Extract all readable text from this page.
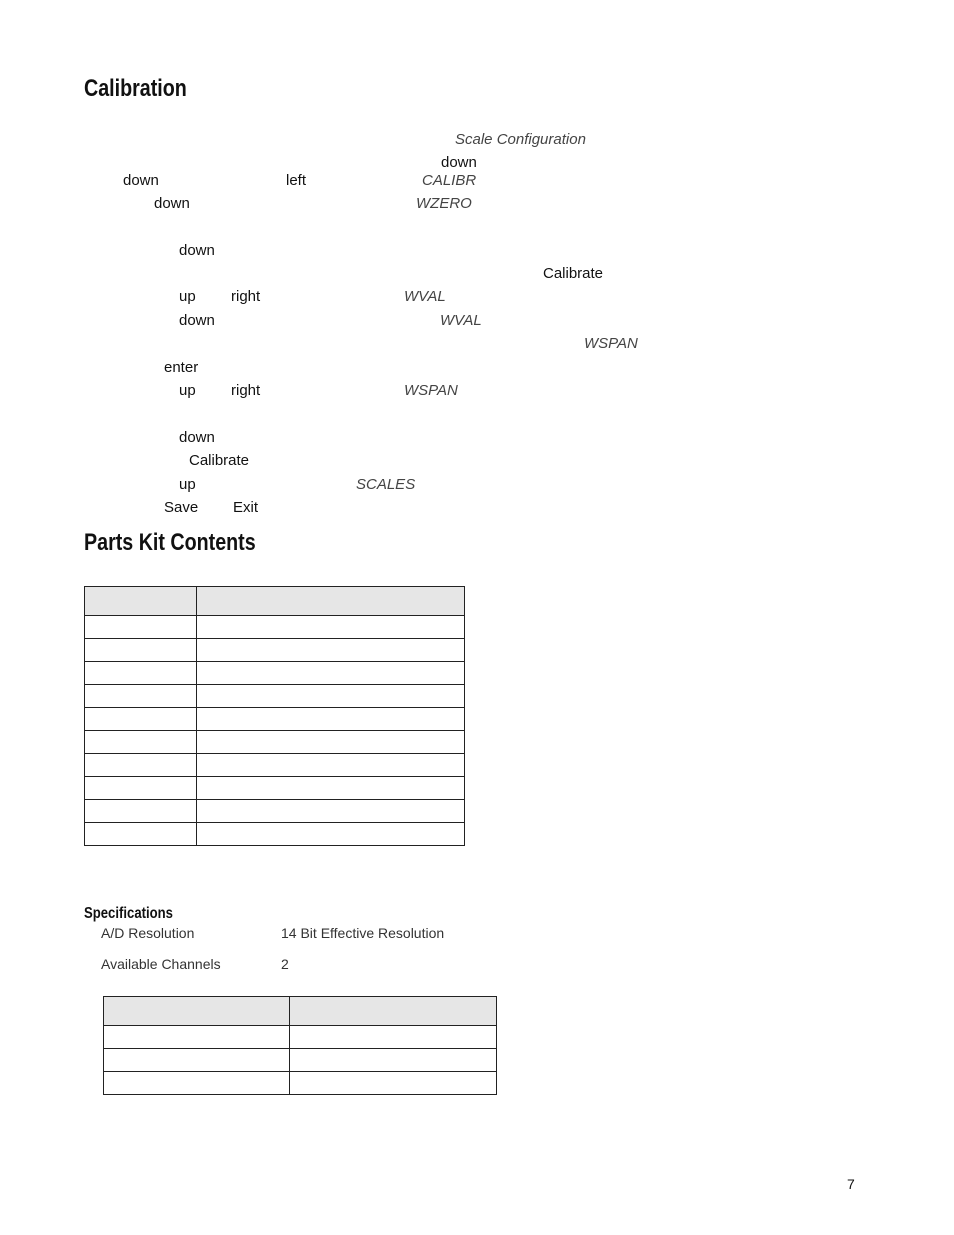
Calibration
Scale Configuration
down
down	left	CALIBR
down	WZERO
down
Calibrate
up right	WVAL
down	WVAL
WSPAN
enter
up right	WSPAN
down
Calibrate
up	SCALES
Save Exit
Parts Kit Contents

Specifications
A/D Resolution	14 Bit Effective Resolution
Available Channels	2

7
